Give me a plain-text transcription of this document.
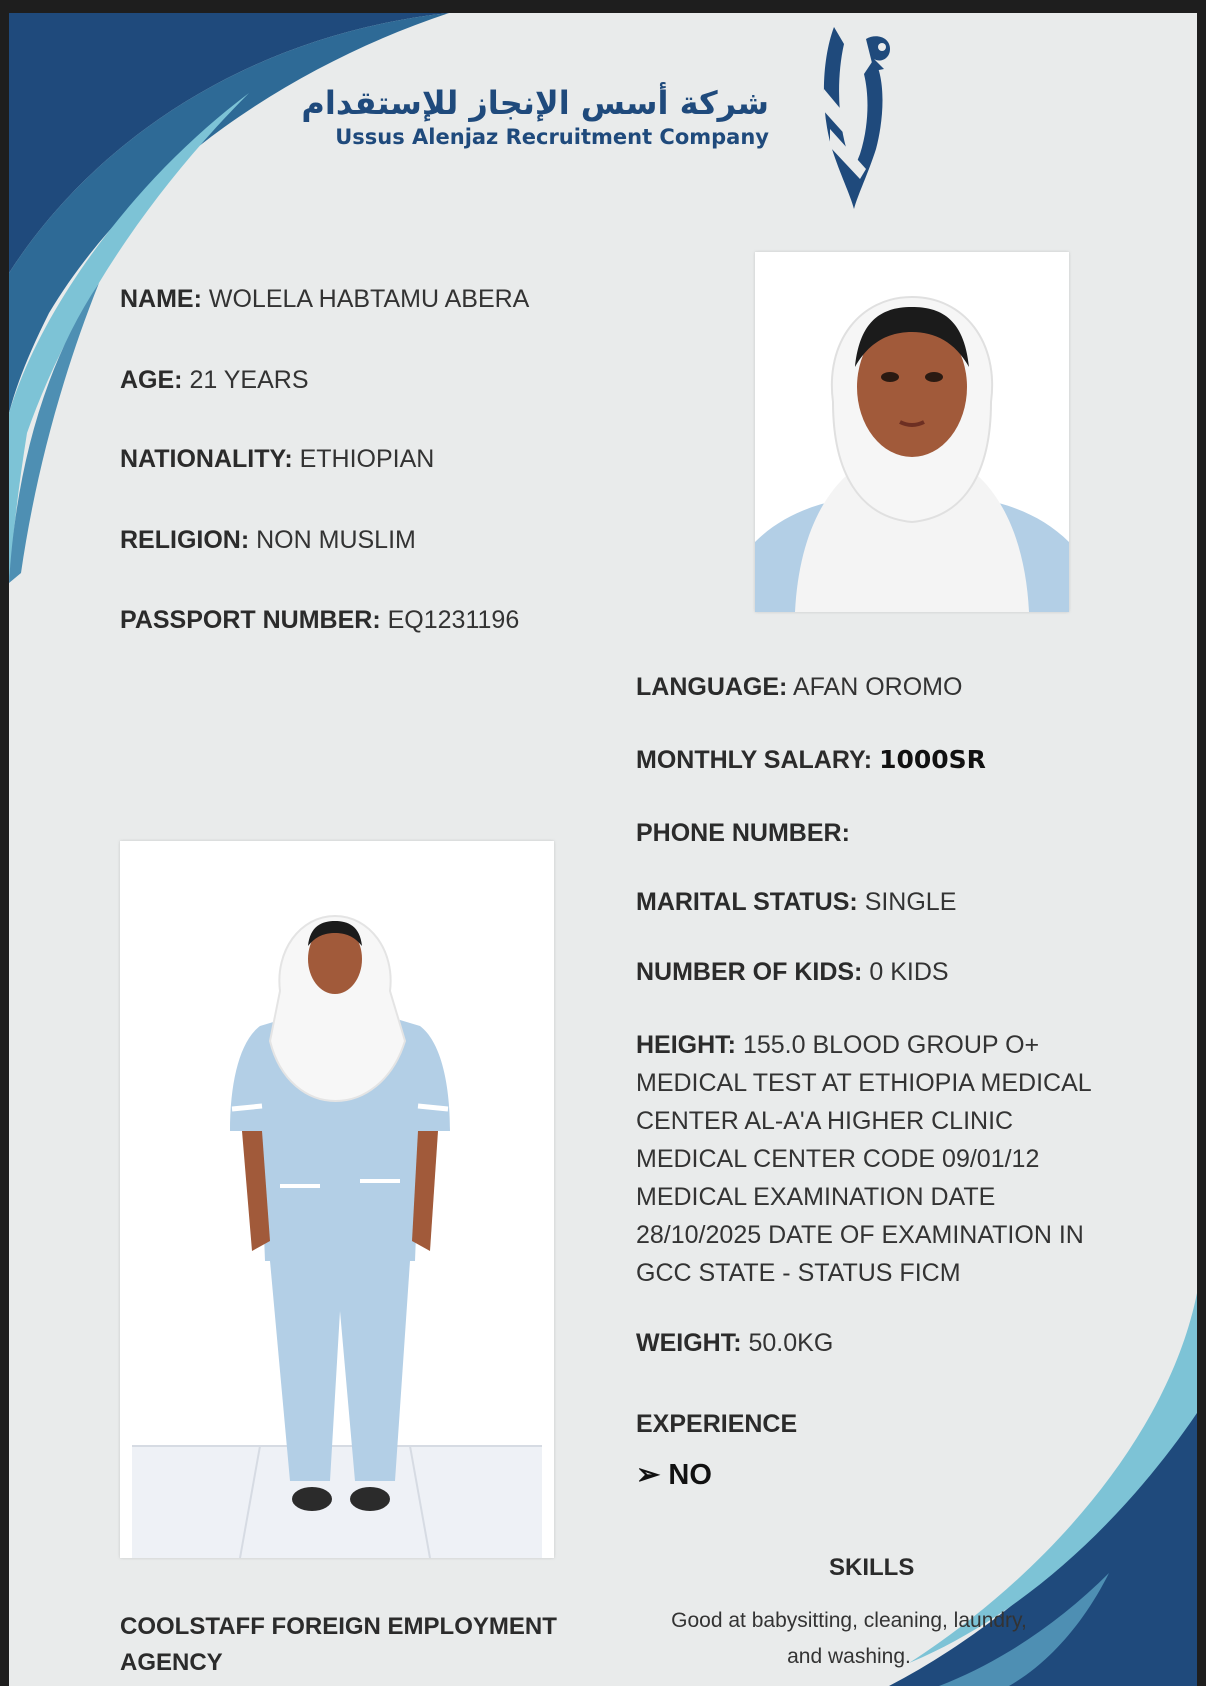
شركة أسس الإنجاز للإستقدام
Ussus Alenjaz Recruitment Company
NAME: WOLELA HABTAMU ABERA
AGE: 21 YEARS
NATIONALITY: ETHIOPIAN
RELIGION: NON MUSLIM
PASSPORT NUMBER: EQ1231196
LANGUAGE: AFAN OROMO
MONTHLY SALARY: 1000SR
PHONE NUMBER:
MARITAL STATUS: SINGLE
NUMBER OF KIDS: 0 KIDS
HEIGHT: 155.0 BLOOD GROUP O+ MEDICAL TEST AT ETHIOPIA MEDICAL CENTER AL-A'A HIGHER CLINIC MEDICAL CENTER CODE 09/01/12 MEDICAL EXAMINATION DATE 28/10/2025 DATE OF EXAMINATION IN GCC STATE - STATUS FICM
WEIGHT: 50.0KG
EXPERIENCE
➢ NO
SKILLS
Good at babysitting, cleaning, laundry, and washing.
COOLSTAFF FOREIGN EMPLOYMENT AGENCY
